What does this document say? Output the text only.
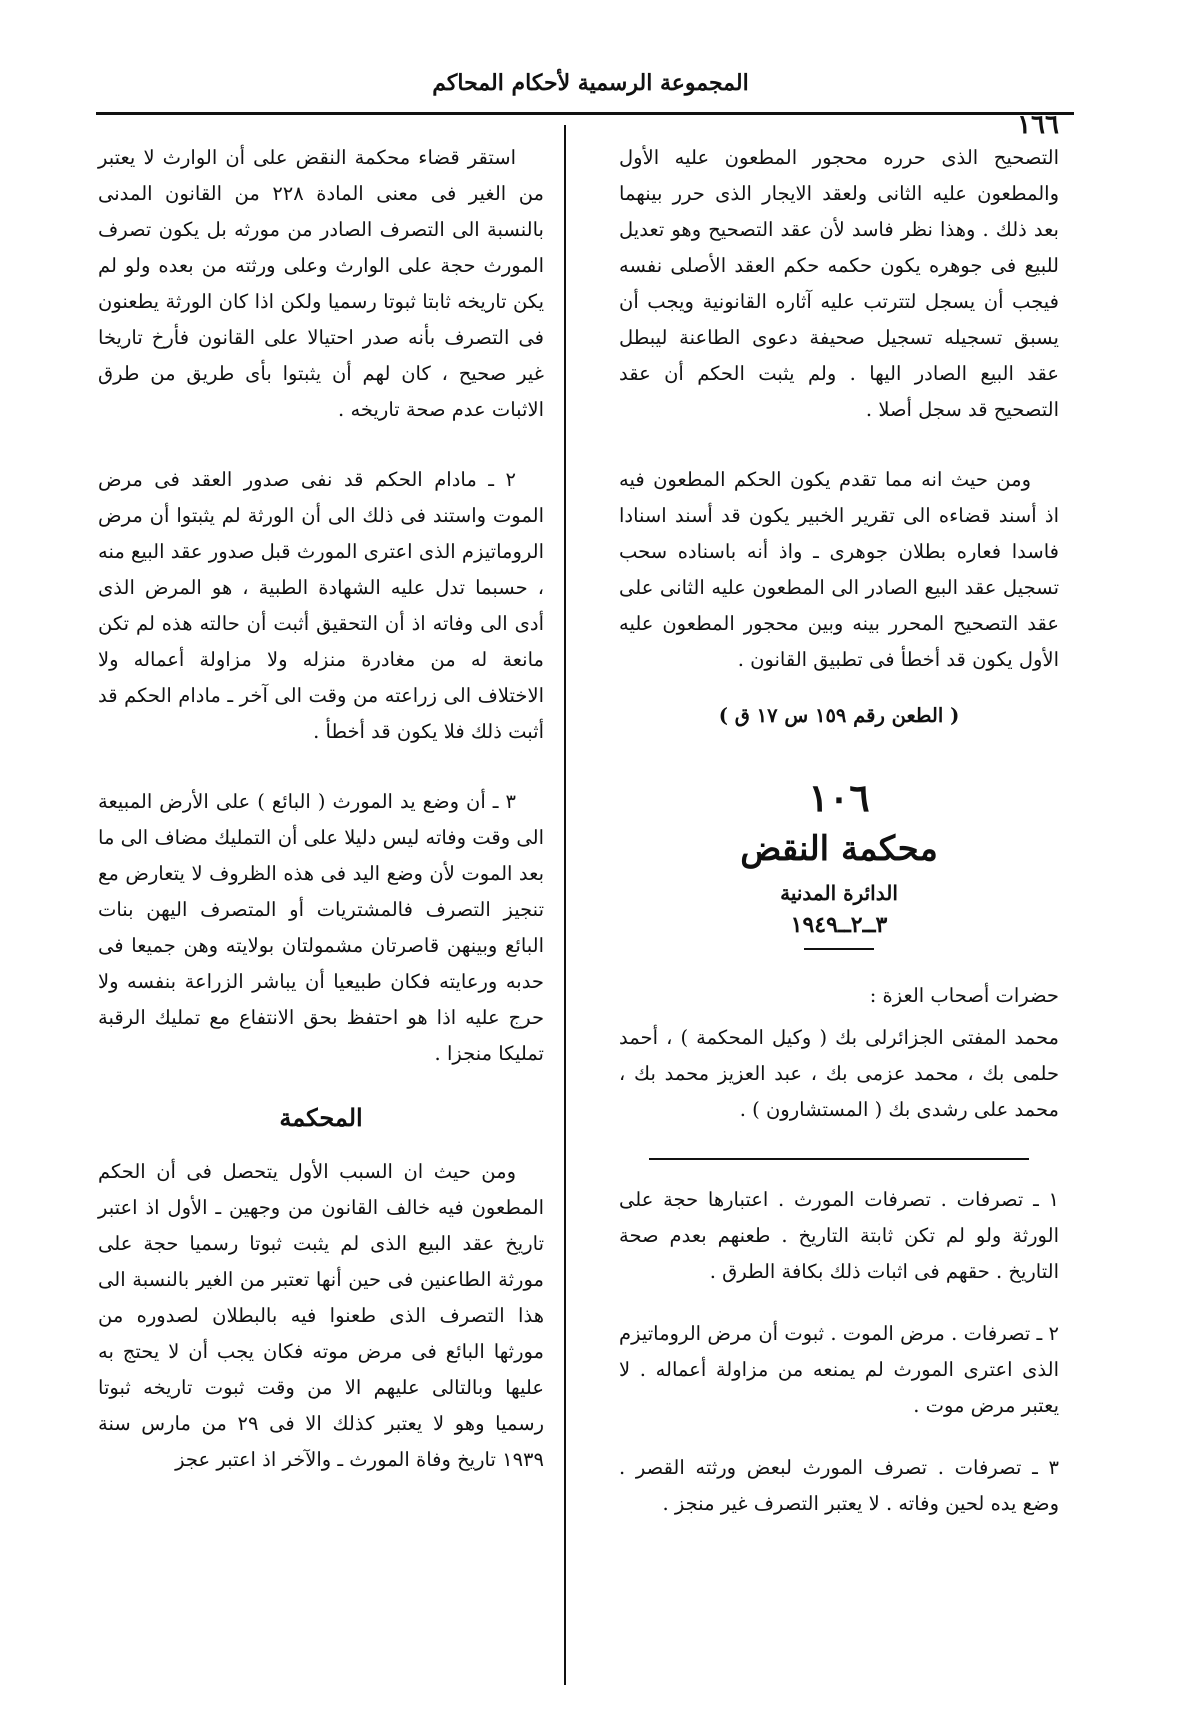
المجموعة الرسمية لأحكام المحاكم
١٦٦

التصحيح الذى حرره محجور المطعون عليه الأول والمطعون عليه الثانى ولعقد الايجار الذى حرر بينهما بعد ذلك . وهذا نظر فاسد لأن عقد التصحيح وهو تعديل للبيع فى جوهره يكون حكمه حكم العقد الأصلى نفسه فيجب أن يسجل لتترتب عليه آثاره القانونية ويجب أن يسبق تسجيله تسجيل صحيفة دعوى الطاعنة ليبطل عقد البيع الصادر اليها . ولم يثبت الحكم أن عقد التصحيح قد سجل أصلا .

ومن حيث انه مما تقدم يكون الحكم المطعون فيه اذ أسند قضاءه الى تقرير الخبير يكون قد أسند اسنادا فاسدا فعاره بطلان جوهرى ـ واذ أنه باسناده سحب تسجيل عقد البيع الصادر الى المطعون عليه الثانى على عقد التصحيح المحرر بينه وبين محجور المطعون عليه الأول يكون قد أخطأ فى تطبيق القانون .

( الطعن رقم ١٥٩ س ١٧ ق )
١٠٦
محكمة النقض
الدائرة المدنية
٣ــ٢ــ١٩٤٩
حضرات أصحاب العزة :
محمد المفتى الجزائرلى بك ( وكيل المحكمة ) ، أحمد حلمى بك ، محمد عزمى بك ، عبد العزيز محمد بك ، محمد على رشدى بك ( المستشارون ) .

١ ـ تصرفات . تصرفات المورث . اعتبارها حجة على الورثة ولو لم تكن ثابتة التاريخ . طعنهم بعدم صحة التاريخ . حقهم فى اثبات ذلك بكافة الطرق .

٢ ـ تصرفات . مرض الموت . ثبوت أن مرض الروماتيزم الذى اعترى المورث لم يمنعه من مزاولة أعماله . لا يعتبر مرض موت .

٣ ـ تصرفات . تصرف المورث لبعض ورثته القصر . وضع يده لحين وفاته . لا يعتبر التصرف غير منجز .

استقر قضاء محكمة النقض على أن الوارث لا يعتبر من الغير فى معنى المادة ٢٢٨ من القانون المدنى بالنسبة الى التصرف الصادر من مورثه بل يكون تصرف المورث حجة على الوارث وعلى ورثته من بعده ولو لم يكن تاريخه ثابتا ثبوتا رسميا ولكن اذا كان الورثة يطعنون فى التصرف بأنه صدر احتيالا على القانون فأرخ تاريخا غير صحيح ، كان لهم أن يثبتوا بأى طريق من طرق الاثبات عدم صحة تاريخه .

٢ ـ مادام الحكم قد نفى صدور العقد فى مرض الموت واستند فى ذلك الى أن الورثة لم يثبتوا أن مرض الروماتيزم الذى اعترى المورث قبل صدور عقد البيع منه ، حسبما تدل عليه الشهادة الطبية ، هو المرض الذى أدى الى وفاته اذ أن التحقيق أثبت أن حالته هذه لم تكن مانعة له من مغادرة منزله ولا مزاولة أعماله ولا الاختلاف الى زراعته من وقت الى آخر ـ مادام الحكم قد أثبت ذلك فلا يكون قد أخطأ .

٣ ـ أن وضع يد المورث ( البائع ) على الأرض المبيعة الى وقت وفاته ليس دليلا على أن التمليك مضاف الى ما بعد الموت لأن وضع اليد فى هذه الظروف لا يتعارض مع تنجيز التصرف فالمشتريات أو المتصرف اليهن بنات البائع وبينهن قاصرتان مشمولتان بولايته وهن جميعا فى حدبه ورعايته فكان طبيعيا أن يباشر الزراعة بنفسه ولا حرج عليه اذا هو احتفظ بحق الانتفاع مع تمليك الرقبة تمليكا منجزا .

المحكمة

ومن حيث ان السبب الأول يتحصل فى أن الحكم المطعون فيه خالف القانون من وجهين ـ الأول اذ اعتبر تاريخ عقد البيع الذى لم يثبت ثبوتا رسميا حجة على مورثة الطاعنين فى حين أنها تعتبر من الغير بالنسبة الى هذا التصرف الذى طعنوا فيه بالبطلان لصدوره من مورثها البائع فى مرض موته فكان يجب أن لا يحتج به عليها وبالتالى عليهم الا من وقت ثبوت تاريخه ثبوتا رسميا وهو لا يعتبر كذلك الا فى ٢٩ من مارس سنة ١٩٣٩ تاريخ وفاة المورث ـ والآخر اذ اعتبر عجز
